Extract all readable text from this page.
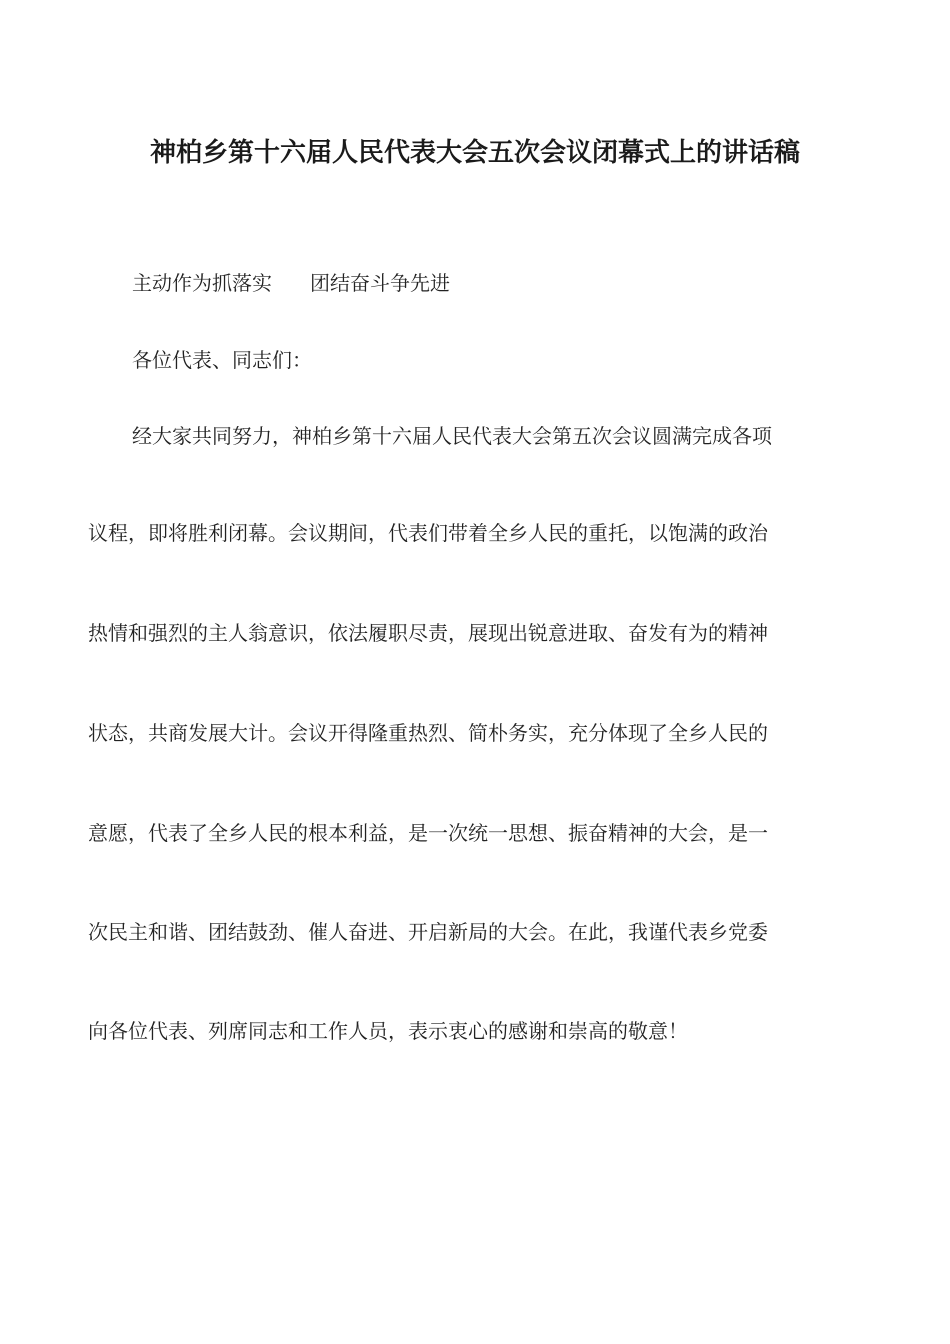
神柏乡第十六届人民代表大会五次会议闭幕式上的讲话稿
主动作为抓落实 团结奋斗争先进
各位代表、同志们：
经大家共同努力，神柏乡第十六届人民代表大会第五次会议圆满完成各项
议程，即将胜利闭幕。会议期间，代表们带着全乡人民的重托，以饱满的政治
热情和强烈的主人翁意识，依法履职尽责，展现出锐意进取、奋发有为的精神
状态，共商发展大计。会议开得隆重热烈、简朴务实，充分体现了全乡人民的
意愿，代表了全乡人民的根本利益，是一次统一思想、振奋精神的大会，是一
次民主和谐、团结鼓劲、催人奋进、开启新局的大会。在此，我谨代表乡党委
向各位代表、列席同志和工作人员，表示衷心的感谢和崇高的敬意！
